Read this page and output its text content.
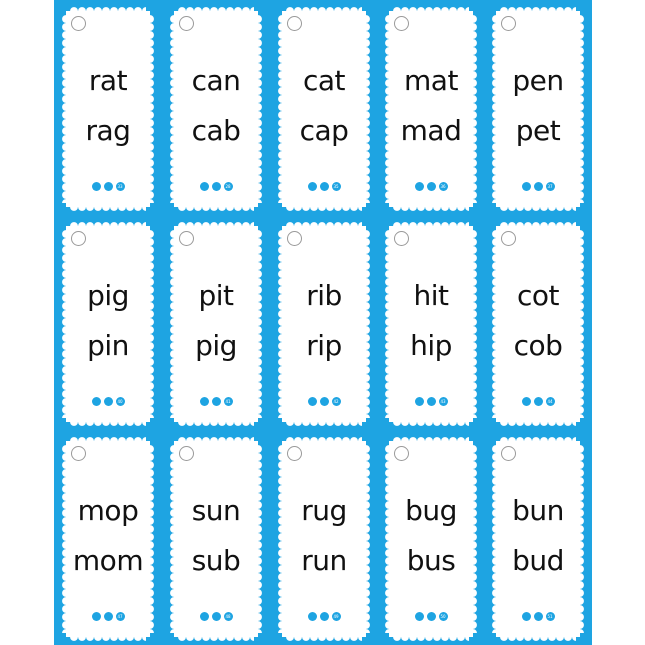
rat
rag
33
can
cab
28
cat
cap
35
mat
mad
36
pen
pet
37
pig
pin
40
pit
pig
41
rib
rip
42
hit
hip
43
cot
cob
44
mop
mom
47
sun
sub
48
rug
run
49
bug
bus
50
bun
bud
51
